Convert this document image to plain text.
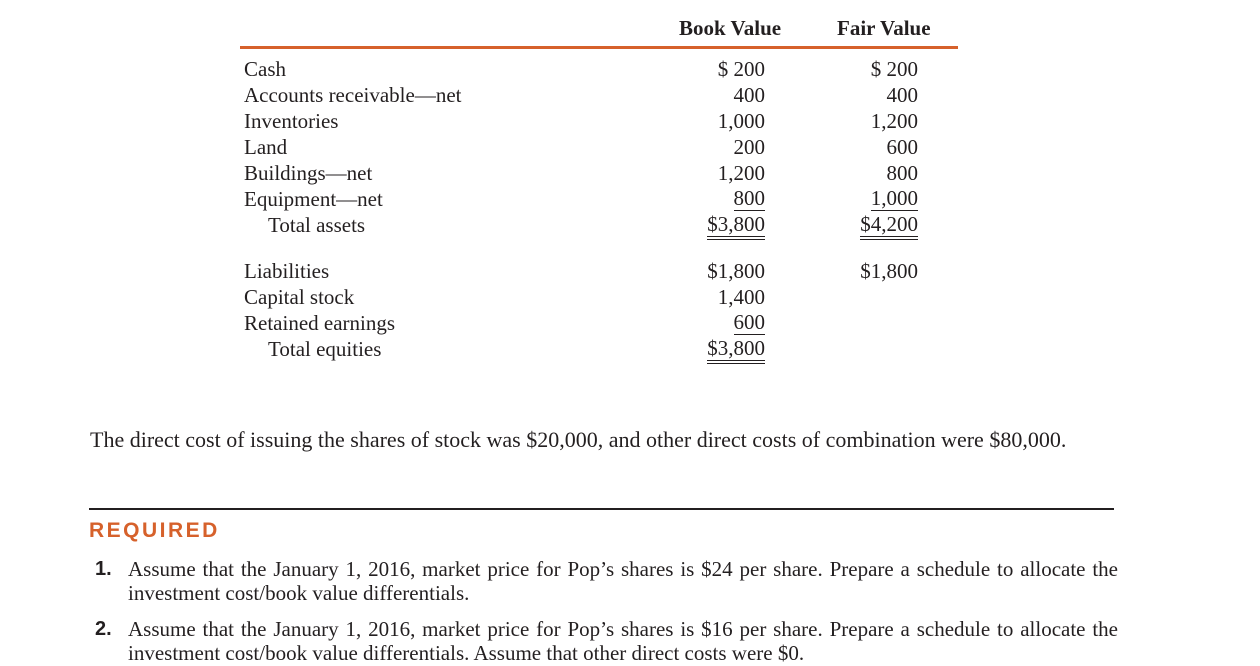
Book Value	Fair Value
Cash	$ 200	$ 200
Accounts receivable—net	400	400
Inventories	1,000	1,200
Land	200	600
Buildings—net	1,200	800
Equipment—net	800	1,000
Total assets	$3,800	$4,200
Liabilities	$1,800	$1,800
Capital stock	1,400
Retained earnings	600
Total equities	$3,800
The direct cost of issuing the shares of stock was $20,000, and other direct costs of combination were $80,000.
REQUIRED
1. Assume that the January 1, 2016, market price for Pop’s shares is $24 per share. Prepare a schedule to allocate the investment cost/book value differentials.
2. Assume that the January 1, 2016, market price for Pop’s shares is $16 per share. Prepare a schedule to allocate the investment cost/book value differentials. Assume that other direct costs were $0.
